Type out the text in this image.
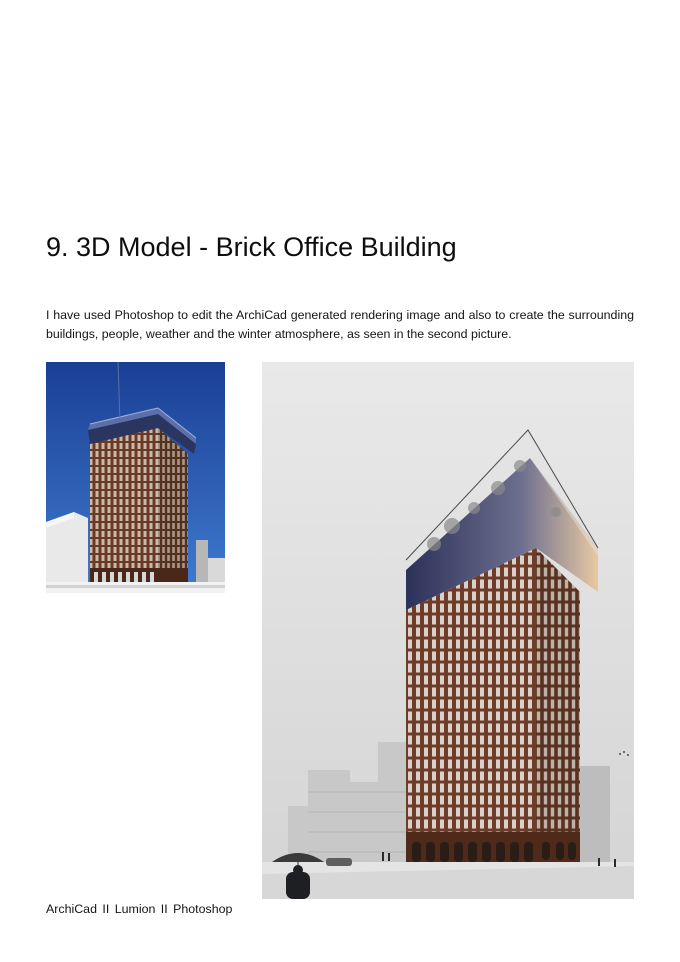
9. 3D Model - Brick Office Building

I have used Photoshop to edit the ArchiCad generated rendering image and also to create the surrounding buildings, people, weather and the winter atmosphere, as seen in the second picture.

ArchiCad II Lumion II Photoshop
